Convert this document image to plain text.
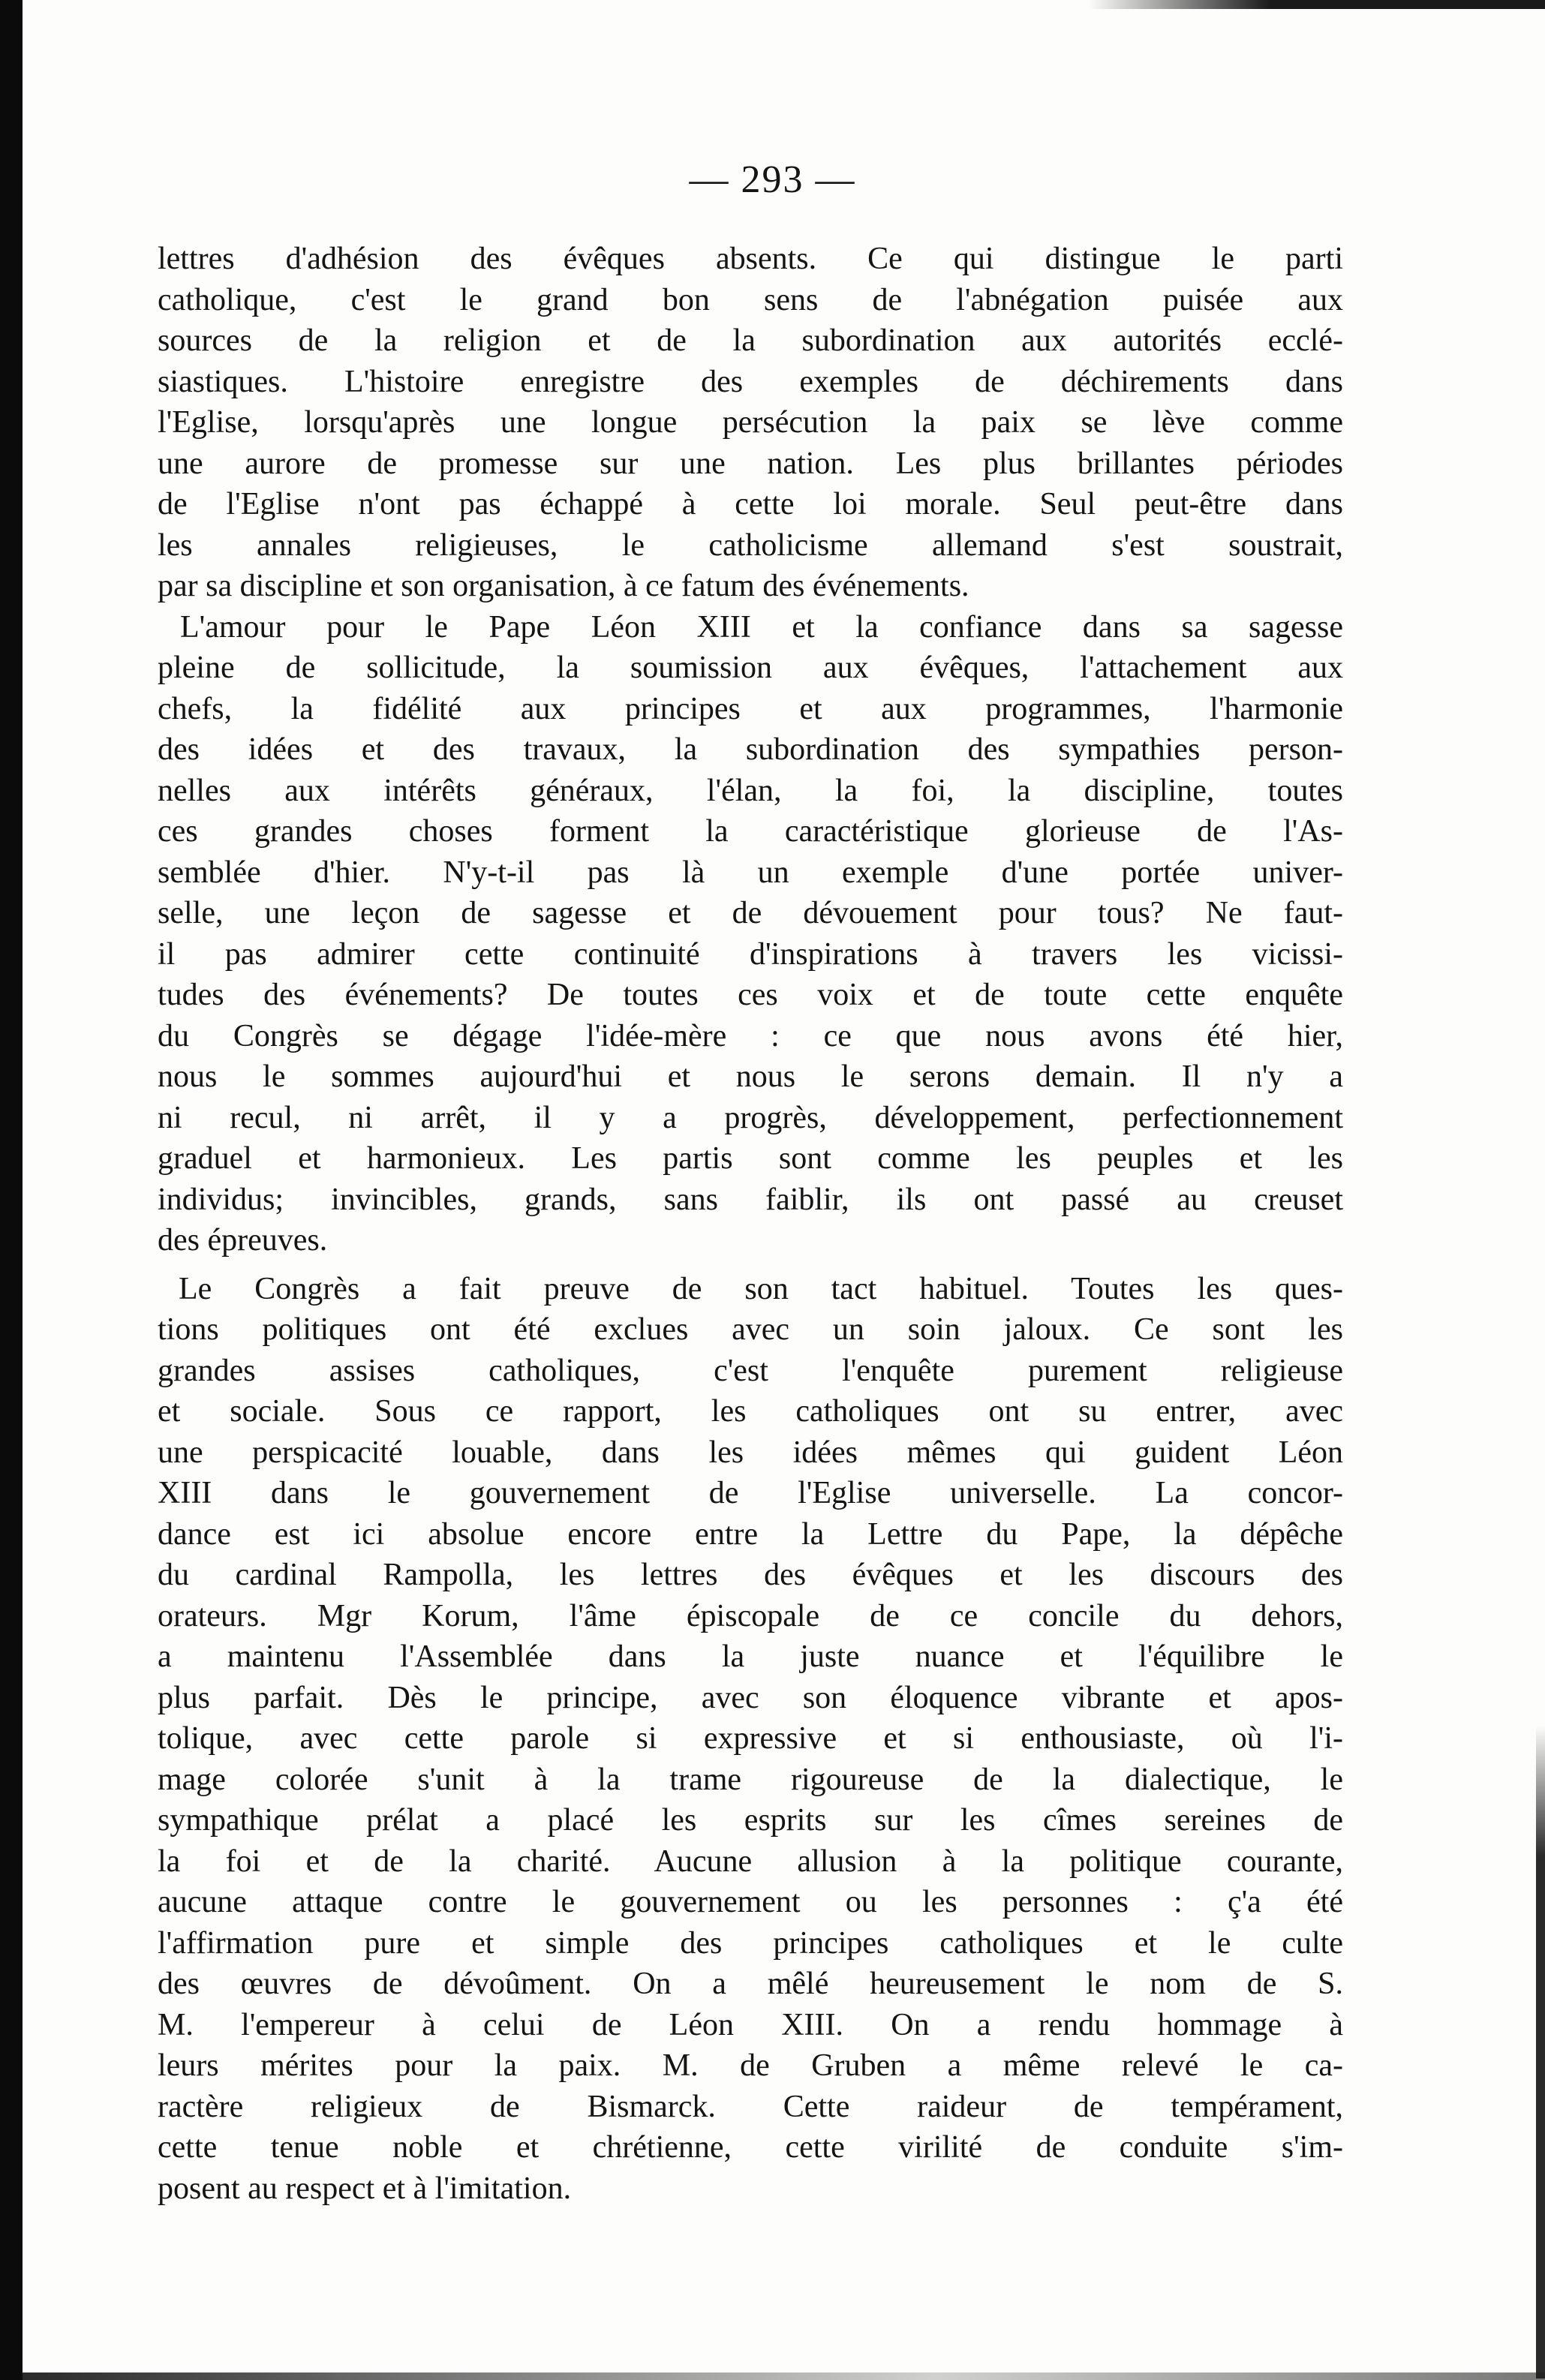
— 293 —

lettres d'adhésion des évêques absents. Ce qui distingue le parti
catholique, c'est le grand bon sens de l'abnégation puisée aux
sources de la religion et de la subordination aux autorités ecclé-
siastiques. L'histoire enregistre des exemples de déchirements dans
l'Eglise, lorsqu'après une longue persécution la paix se lève comme
une aurore de promesse sur une nation. Les plus brillantes périodes
de l'Eglise n'ont pas échappé à cette loi morale. Seul peut-être dans
les annales religieuses, le catholicisme allemand s'est soustrait,
par sa discipline et son organisation, à ce fatum des événements.

L'amour pour le Pape Léon XIII et la confiance dans sa sagesse
pleine de sollicitude, la soumission aux évêques, l'attachement aux
chefs, la fidélité aux principes et aux programmes, l'harmonie
des idées et des travaux, la subordination des sympathies person-
nelles aux intérêts généraux, l'élan, la foi, la discipline, toutes
ces grandes choses forment la caractéristique glorieuse de l'As-
semblée d'hier. N'y-t-il pas là un exemple d'une portée univer-
selle, une leçon de sagesse et de dévouement pour tous? Ne faut-
il pas admirer cette continuité d'inspirations à travers les vicissi-
tudes des événements? De toutes ces voix et de toute cette enquête
du Congrès se dégage l'idée-mère : ce que nous avons été hier,
nous le sommes aujourd'hui et nous le serons demain. Il n'y a
ni recul, ni arrêt, il y a progrès, développement, perfectionnement
graduel et harmonieux. Les partis sont comme les peuples et les
individus; invincibles, grands, sans faiblir, ils ont passé au creuset
des épreuves.

Le Congrès a fait preuve de son tact habituel. Toutes les ques-
tions politiques ont été exclues avec un soin jaloux. Ce sont les
grandes assises catholiques, c'est l'enquête purement religieuse
et sociale. Sous ce rapport, les catholiques ont su entrer, avec
une perspicacité louable, dans les idées mêmes qui guident Léon
XIII dans le gouvernement de l'Eglise universelle. La concor-
dance est ici absolue encore entre la Lettre du Pape, la dépêche
du cardinal Rampolla, les lettres des évêques et les discours des
orateurs. Mgr Korum, l'âme épiscopale de ce concile du dehors,
a maintenu l'Assemblée dans la juste nuance et l'équilibre le
plus parfait. Dès le principe, avec son éloquence vibrante et apos-
tolique, avec cette parole si expressive et si enthousiaste, où l'i-
mage colorée s'unit à la trame rigoureuse de la dialectique, le
sympathique prélat a placé les esprits sur les cîmes sereines de
la foi et de la charité. Aucune allusion à la politique courante,
aucune attaque contre le gouvernement ou les personnes : ç'a été
l'affirmation pure et simple des principes catholiques et le culte
des œuvres de dévoûment. On a mêlé heureusement le nom de S.
M. l'empereur à celui de Léon XIII. On a rendu hommage à
leurs mérites pour la paix. M. de Gruben a même relevé le ca-
ractère religieux de Bismarck. Cette raideur de tempérament,
cette tenue noble et chrétienne, cette virilité de conduite s'im-
posent au respect et à l'imitation.
